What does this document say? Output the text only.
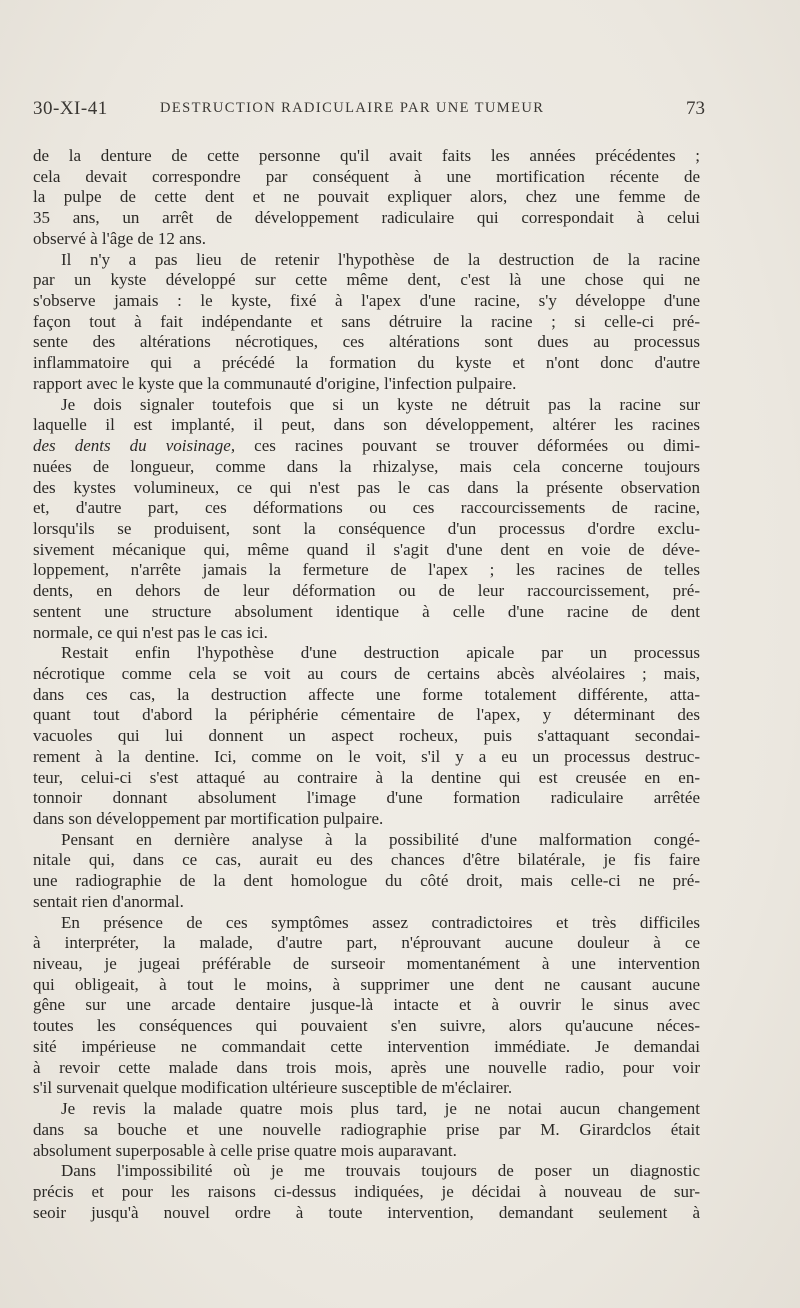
30-XI-41	DESTRUCTION RADICULAIRE PAR UNE TUMEUR	73
de la denture de cette personne qu'il avait faits les années précédentes ;
cela devait correspondre par conséquent à une mortification récente de
la pulpe de cette dent et ne pouvait expliquer alors, chez une femme de
35 ans, un arrêt de développement radiculaire qui correspondait à celui
observé à l'âge de 12 ans.
Il n'y a pas lieu de retenir l'hypothèse de la destruction de la racine
par un kyste développé sur cette même dent, c'est là une chose qui ne
s'observe jamais : le kyste, fixé à l'apex d'une racine, s'y développe d'une
façon tout à fait indépendante et sans détruire la racine ; si celle-ci pré-
sente des altérations nécrotiques, ces altérations sont dues au processus
inflammatoire qui a précédé la formation du kyste et n'ont donc d'autre
rapport avec le kyste que la communauté d'origine, l'infection pulpaire.
Je dois signaler toutefois que si un kyste ne détruit pas la racine sur
laquelle il est implanté, il peut, dans son développement, altérer les racines
des dents du voisinage, ces racines pouvant se trouver déformées ou dimi-
nuées de longueur, comme dans la rhizalyse, mais cela concerne toujours
des kystes volumineux, ce qui n'est pas le cas dans la présente observation
et, d'autre part, ces déformations ou ces raccourcissements de racine,
lorsqu'ils se produisent, sont la conséquence d'un processus d'ordre exclu-
sivement mécanique qui, même quand il s'agit d'une dent en voie de déve-
loppement, n'arrête jamais la fermeture de l'apex ; les racines de telles
dents, en dehors de leur déformation ou de leur raccourcissement, pré-
sentent une structure absolument identique à celle d'une racine de dent
normale, ce qui n'est pas le cas ici.
Restait enfin l'hypothèse d'une destruction apicale par un processus
nécrotique comme cela se voit au cours de certains abcès alvéolaires ; mais,
dans ces cas, la destruction affecte une forme totalement différente, atta-
quant tout d'abord la périphérie cémentaire de l'apex, y déterminant des
vacuoles qui lui donnent un aspect rocheux, puis s'attaquant secondai-
rement à la dentine. Ici, comme on le voit, s'il y a eu un processus destruc-
teur, celui-ci s'est attaqué au contraire à la dentine qui est creusée en en-
tonnoir donnant absolument l'image d'une formation radiculaire arrêtée
dans son développement par mortification pulpaire.
Pensant en dernière analyse à la possibilité d'une malformation congé-
nitale qui, dans ce cas, aurait eu des chances d'être bilatérale, je fis faire
une radiographie de la dent homologue du côté droit, mais celle-ci ne pré-
sentait rien d'anormal.
En présence de ces symptômes assez contradictoires et très difficiles
à interpréter, la malade, d'autre part, n'éprouvant aucune douleur à ce
niveau, je jugeai préférable de surseoir momentanément à une intervention
qui obligeait, à tout le moins, à supprimer une dent ne causant aucune
gêne sur une arcade dentaire jusque-là intacte et à ouvrir le sinus avec
toutes les conséquences qui pouvaient s'en suivre, alors qu'aucune néces-
sité impérieuse ne commandait cette intervention immédiate. Je demandai
à revoir cette malade dans trois mois, après une nouvelle radio, pour voir
s'il survenait quelque modification ultérieure susceptible de m'éclairer.
Je revis la malade quatre mois plus tard, je ne notai aucun changement
dans sa bouche et une nouvelle radiographie prise par M. Girardclos était
absolument superposable à celle prise quatre mois auparavant.
Dans l'impossibilité où je me trouvais toujours de poser un diagnostic
précis et pour les raisons ci-dessus indiquées, je décidai à nouveau de sur-
seoir jusqu'à nouvel ordre à toute intervention, demandant seulement à
